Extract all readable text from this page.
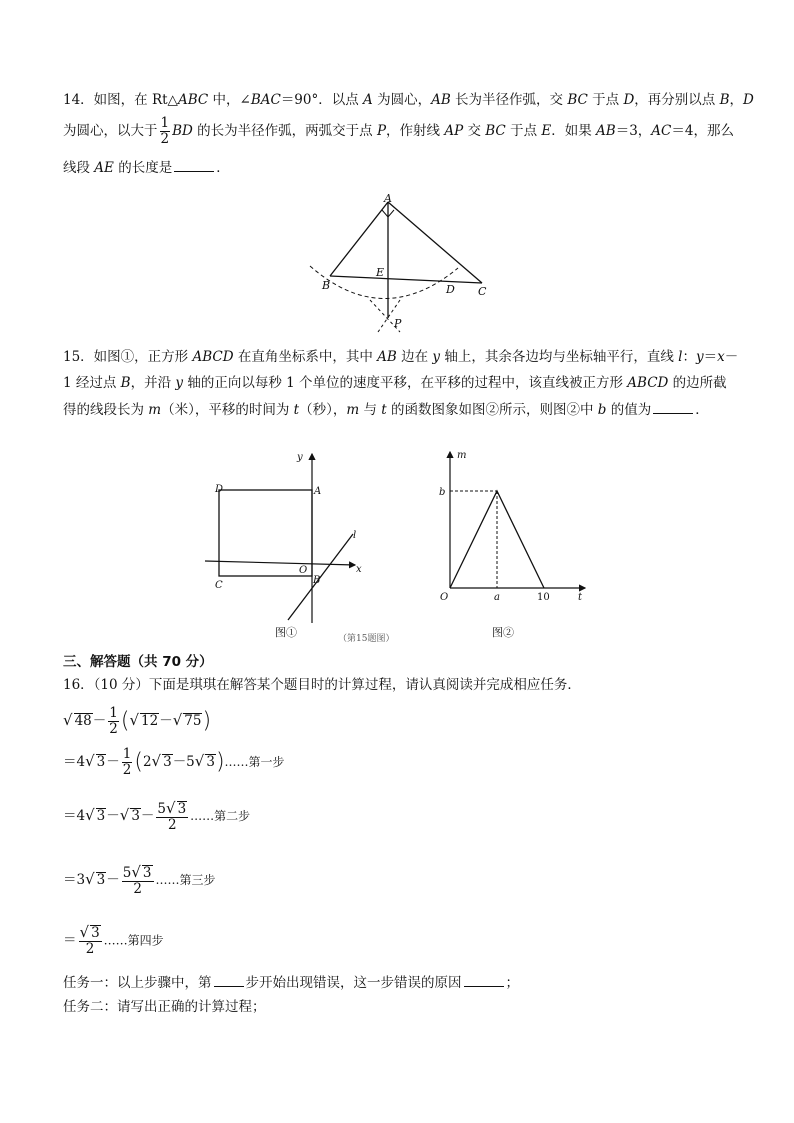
14．如图，在 Rt△ABC 中，∠BAC＝90°．以点 A 为圆心，AB 长为半径作弧，交 BC 于点 D，再分别以点 B，D
为圆心，以大于 $\frac{1}{2}$ BD 的长为半径作弧，两弧交于点 P，作射线 AP 交 BC 于点 E．如果 AB＝3，AC＝4，那么
线段 AE 的长度是	．
A
B	C
D
E
P
15．如图①，正方形 ABCD 在直角坐标系中，其中 AB 边在 y 轴上，其余各边均与坐标轴平行，直线 l：y＝x－
1 经过点 B，并沿 y 轴的正向以每秒 1 个单位的速度平移，在平移的过程中，该直线被正方形 ABCD 的边所截
得的线段长为 m（米），平移的时间为 t（秒），m 与 t 的函数图象如图②所示，则图②中 b 的值为	．
y
x
D	A
C
O
B
l
图①	（第15题图）
m
b
O	a	10	t
图②
三、解答题（共 70 分）
16．（10 分）下面是琪琪在解答某个题目时的计算过程，请认真阅读并完成相应任务．
√ $48- \frac{1}{2}$ (√ 12－√ 75)
＝4√ $3- \frac{1}{2} (2√$ 3－5√ 3)……第一步
＝4√ 3－√ $3- \frac{5√ 3}{2}$ ……第二步
＝3√ $3- \frac{5√ 3}{2}$ ……第三步
＝ $\frac{√ 3}{2}$ ……第四步
任务一：以上步骤中，第	步开始出现错误，这一步错误的原因	；
任务二：请写出正确的计算过程；
